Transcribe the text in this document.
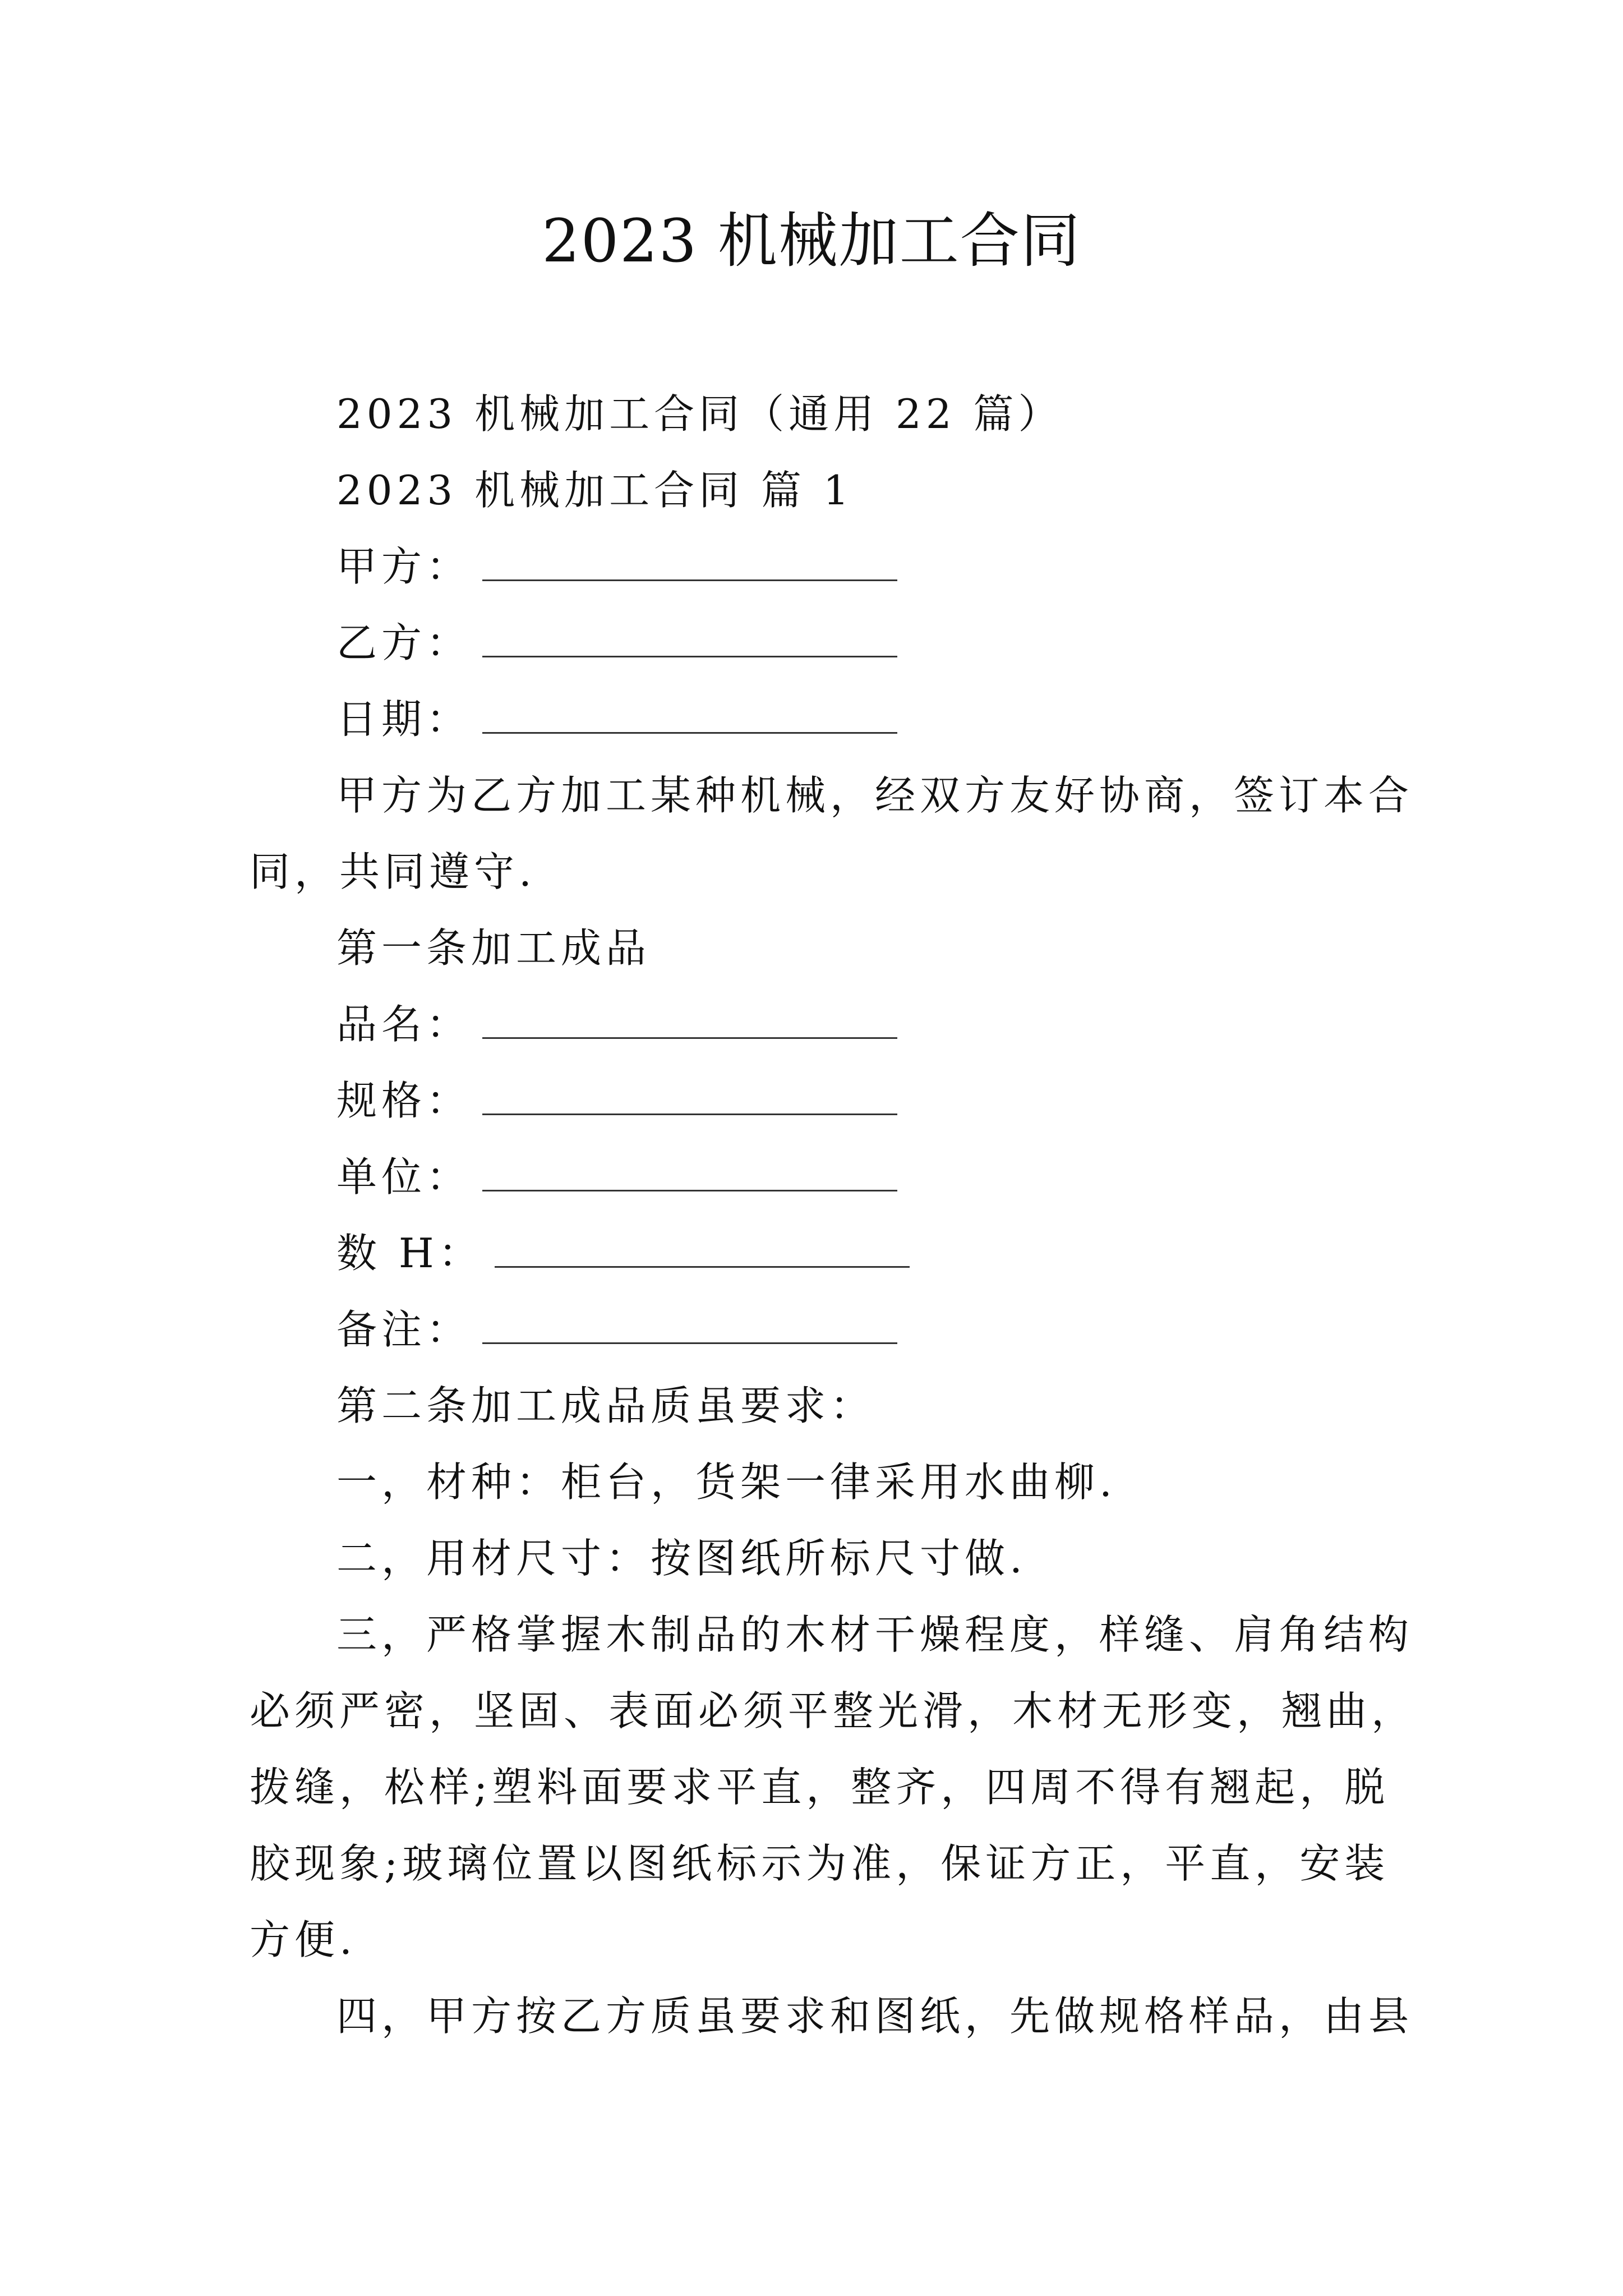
2023 机械加工合同
2023 机械加工合同（通用 22 篇）
2023 机械加工合同 篇 1
甲方：
乙方：
日期：
甲方为乙方加工某种机械，经双方友好协商，签订本合
同，共同遵守.
第一条加工成品
品名：
规格：
单位：
数 H：
备注：
第二条加工成品质虽要求：
一，材种：柜台，货架一律采用水曲柳.
二，用材尺寸：按图纸所标尺寸做.
三，严格掌握木制品的木材干燥程度，样缝、肩角结构
必须严密，坚固、表面必须平整光滑，木材无形变，翘曲，
拨缝，松样;塑料面要求平直，整齐，四周不得有翘起，脱
胶现象;玻璃位置以图纸标示为准，保证方正，平直，安装
方便.
四，甲方按乙方质虽要求和图纸，先做规格样品，由县
